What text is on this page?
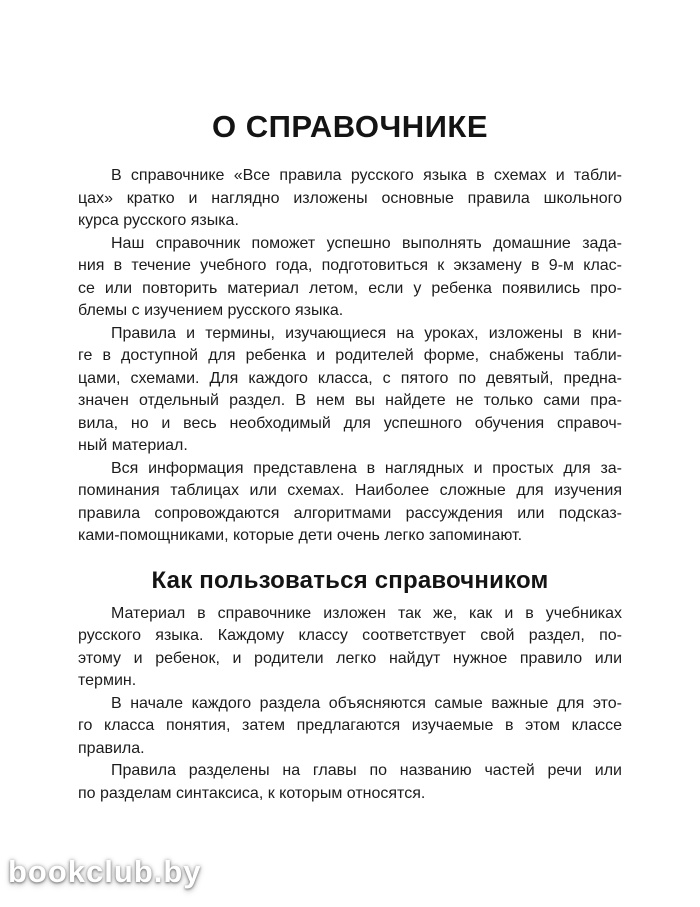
О СПРАВОЧНИКЕ

В справочнике «Все правила русского языка в схемах и табли-
цах» кратко и наглядно изложены основные правила школьного
курса русского языка.

Наш справочник поможет успешно выполнять домашние зада-
ния в течение учебного года, подготовиться к экзамену в 9-м клас-
се или повторить материал летом, если у ребенка появились про-
блемы с изучением русского языка.

Правила и термины, изучающиеся на уроках, изложены в кни-
ге в доступной для ребенка и родителей форме, снабжены табли-
цами, схемами. Для каждого класса, с пятого по девятый, предна-
значен отдельный раздел. В нем вы найдете не только сами пра-
вила, но и весь необходимый для успешного обучения справоч-
ный материал.

Вся информация представлена в наглядных и простых для за-
поминания таблицах или схемах. Наиболее сложные для изучения
правила сопровождаются алгоритмами рассуждения или подсказ-
ками-помощниками, которые дети очень легко запоминают.

Как пользоваться справочником

Материал в справочнике изложен так же, как и в учебниках
русского языка. Каждому классу соответствует свой раздел, по-
этому и ребенок, и родители легко найдут нужное правило или
термин.

В начале каждого раздела объясняются самые важные для это-
го класса понятия, затем предлагаются изучаемые в этом классе
правила.

Правила разделены на главы по названию частей речи или
по разделам синтаксиса, к которым относятся.

bookclub.by
